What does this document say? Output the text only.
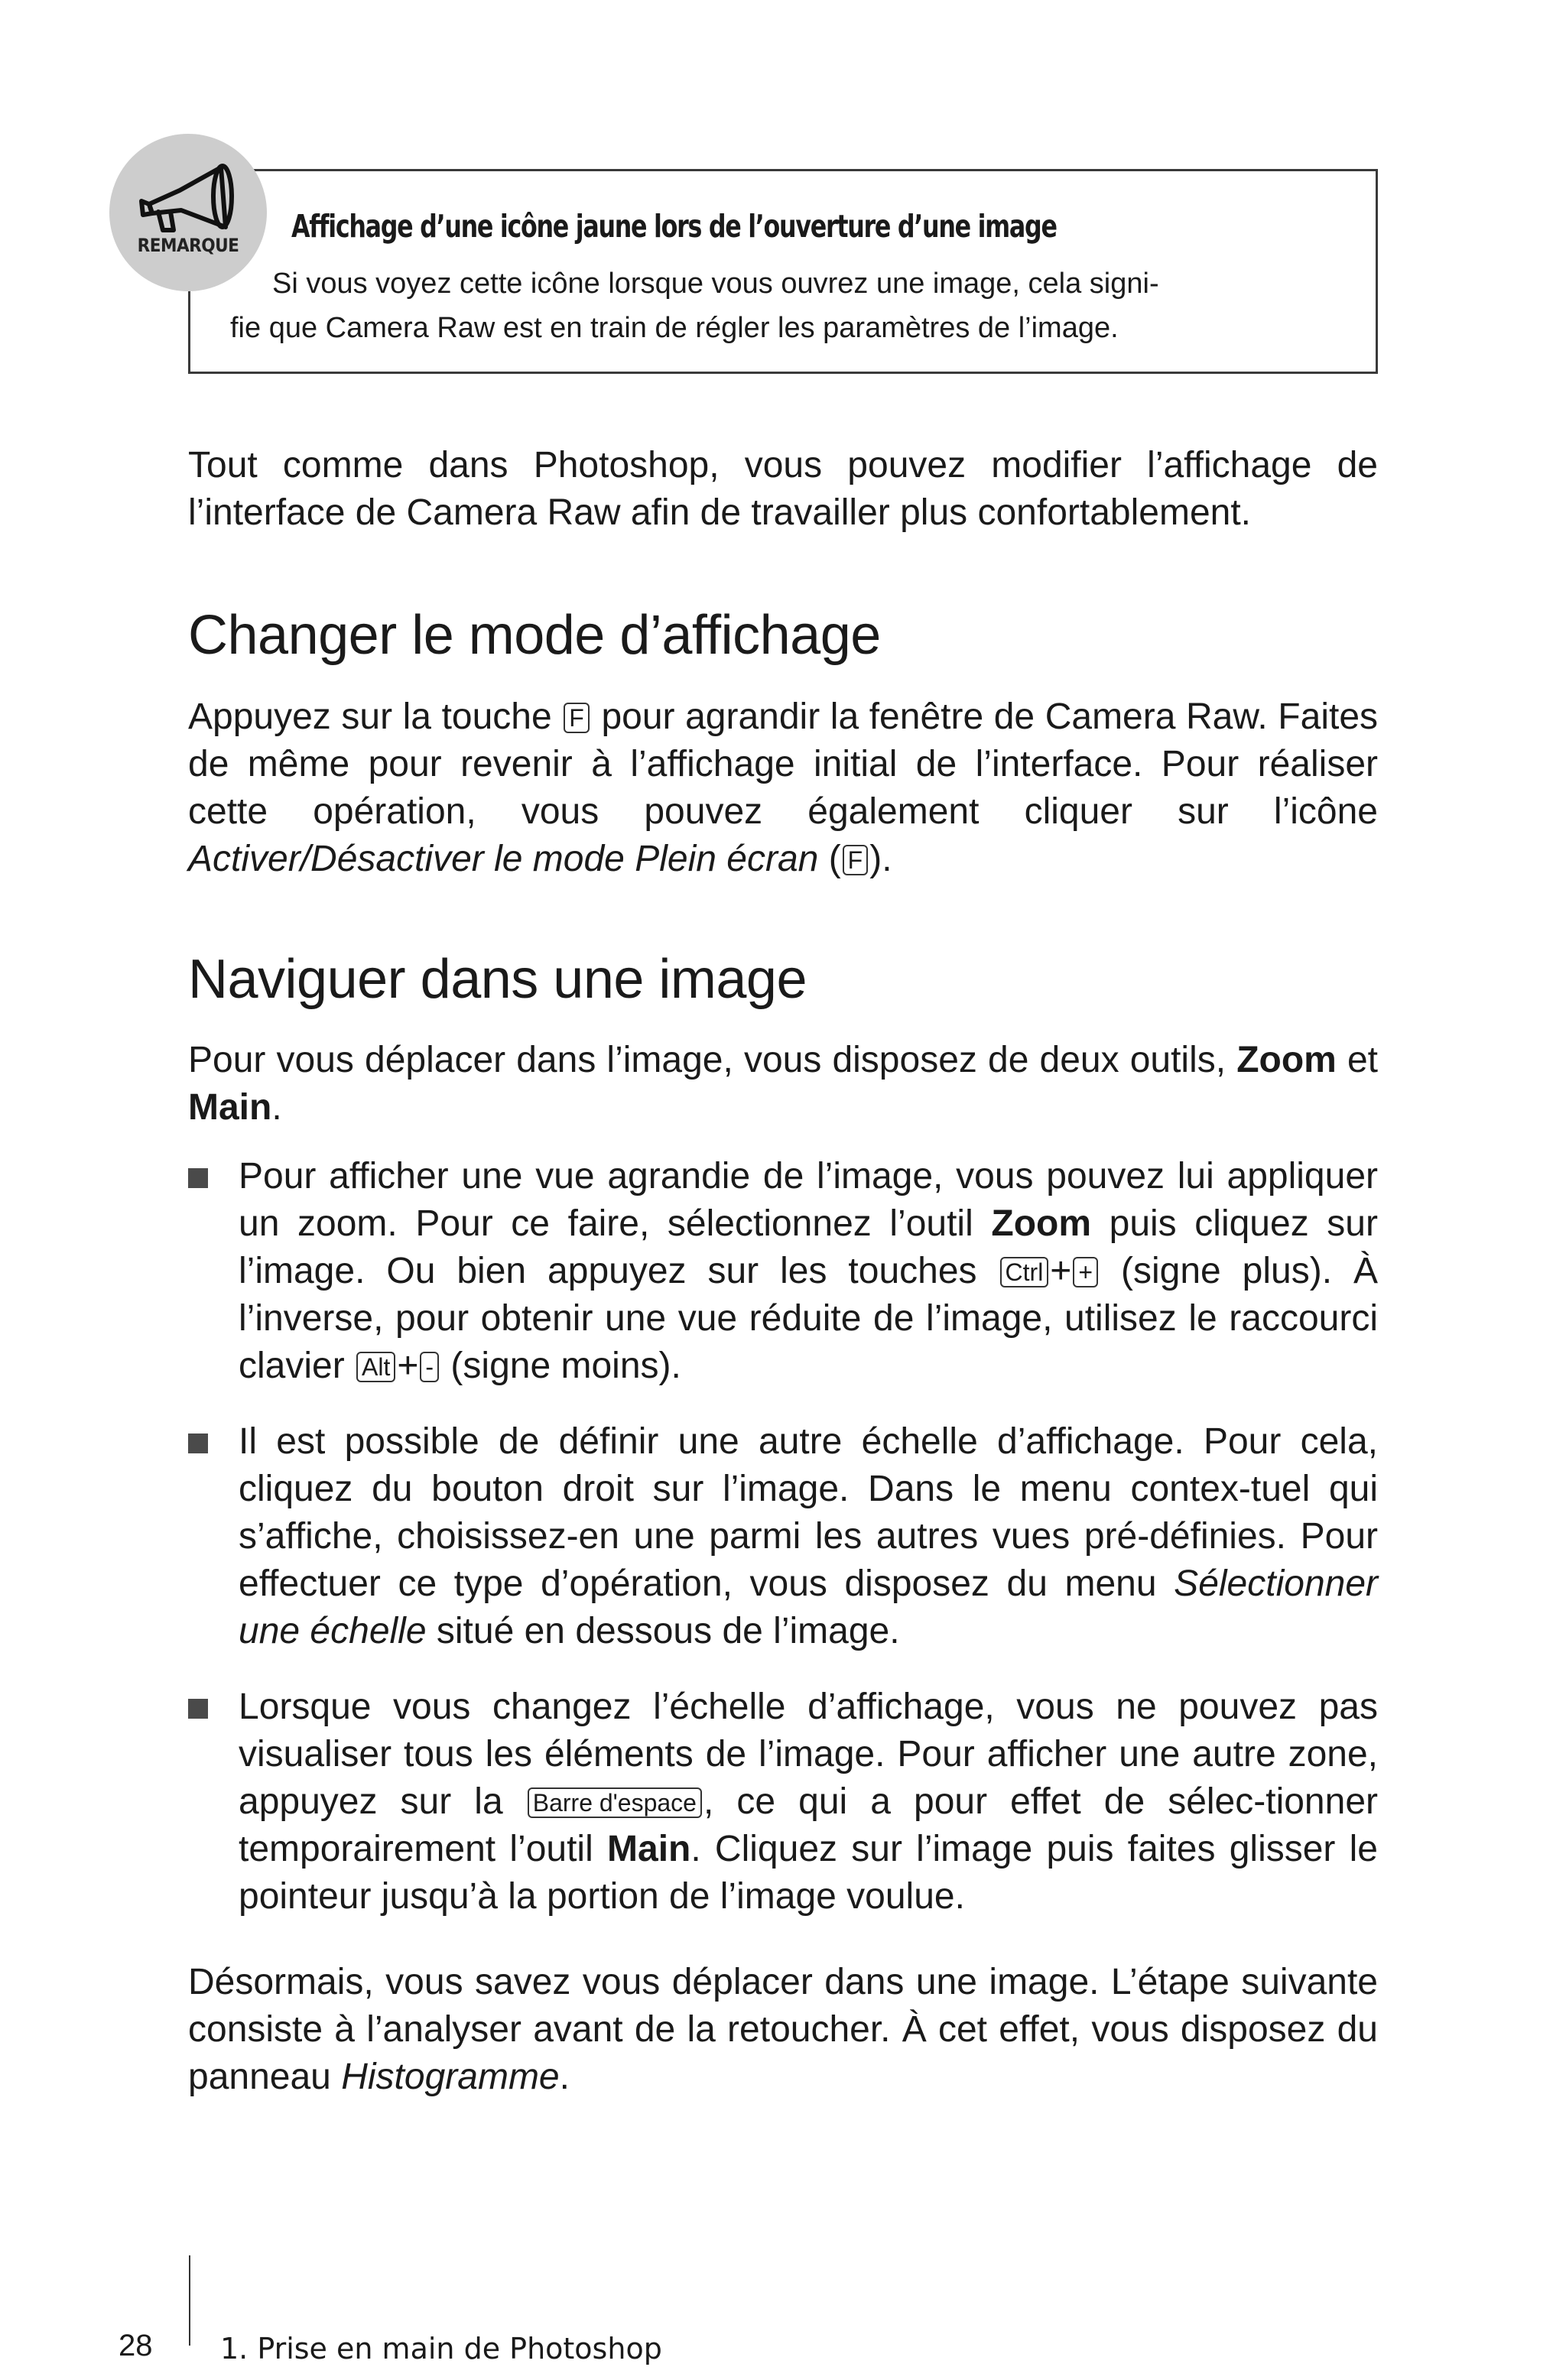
Affichage d’une icône jaune lors de l’ouverture d’une image
Si vous voyez cette icône lorsque vous ouvrez une image, cela signi-
fie que Camera Raw est en train de régler les paramètres de l’image.
REMARQUE
Tout comme dans Photoshop, vous pouvez modifier l’affichage de l’interface de Camera Raw afin de travailler plus confortablement.
Changer le mode d’affichage
Appuyez sur la touche F pour agrandir la fenêtre de Camera Raw. Faites de même pour revenir à l’affichage initial de l’interface. Pour réaliser cette opération, vous pouvez également cliquer sur l’icône Activer/Désactiver le mode Plein écran ( F ).
Naviguer dans une image
Pour vous déplacer dans l’image, vous disposez de deux outils, Zoom et Main.
Pour afficher une vue agrandie de l’image, vous pouvez lui appliquer un zoom. Pour ce faire, sélectionnez l’outil Zoom puis cliquez sur l’image. Ou bien appuyez sur les touches Ctrl + + (signe plus). À l’inverse, pour obtenir une vue réduite de l’image, utilisez le raccourci clavier Alt + - (signe moins).
Il est possible de définir une autre échelle d’affichage. Pour cela, cliquez du bouton droit sur l’image. Dans le menu contex-tuel qui s’affiche, choisissez-en une parmi les autres vues pré-définies. Pour effectuer ce type d’opération, vous disposez du menu Sélectionner une échelle situé en dessous de l’image.
Lorsque vous changez l’échelle d’affichage, vous ne pouvez pas visualiser tous les éléments de l’image. Pour afficher une autre zone, appuyez sur la Barre d'espace , ce qui a pour effet de sélec-tionner temporairement l’outil Main. Cliquez sur l’image puis faites glisser le pointeur jusqu’à la portion de l’image voulue.
Désormais, vous savez vous déplacer dans une image. L’étape suivante consiste à l’analyser avant de la retoucher. À cet effet, vous disposez du panneau Histogramme.
28 1. Prise en main de Photoshop
